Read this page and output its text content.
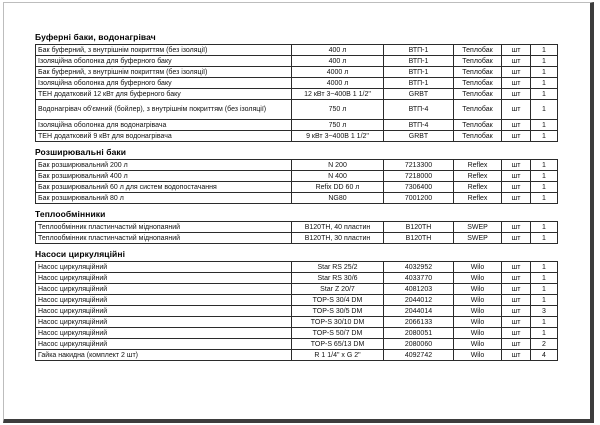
Буферні баки, водонагрівач
Бак буферний, з внутрішнім покриттям (без ізоляції)	400 л	ВТП-1	Теплобак	шт	1
Ізоляційна оболонка для буферного баку	400 л	ВТП-1	Теплобак	шт	1
Бак буферний, з внутрішнім покриттям (без ізоляції)	4000 л	ВТП-1	Теплобак	шт	1
Ізоляційна оболонка для буферного баку	4000 л	ВТП-1	Теплобак	шт	1
ТЕН додатковий 12 кВт для буферного баку	12 кВт 3~400В 1 1/2"	GRBT	Теплобак	шт	1
Водонагрівач об'ємний (бойлер), з внутрішнім покриттям (без ізоляції)	750 л	ВТП-4	Теплобак	шт	1
Ізоляційна оболонка для водонагрівача	750 л	ВТП-4	Теплобак	шт	1
ТЕН додатковий 9 кВт для водонагрівача	9 кВт 3~400В 1 1/2"	GRBT	Теплобак	шт	1
Розширювальні баки
Бак розширювальний 200 л	N 200	7213300	Reflex	шт	1
Бак розширювальний 400 л	N 400	7218000	Reflex	шт	1
Бак розширювальний 60 л для систем водопостачання	Refix DD 60 л	7306400	Reflex	шт	1
Бак розширювальний 80 л	NG80	7001200	Reflex	шт	1
Теплообмінники
Теплообмінник пластинчастий міднопаяний	B120TH, 40 пластин	B120TH	SWEP	шт	1
Теплообмінник пластинчастий міднопаяний	B120TH, 30 пластин	B120TH	SWEP	шт	1
Насоси циркуляційні
Насос циркуляційний	Star RS 25/2	4032952	Wilo	шт	1
Насос циркуляційний	Star RS 30/6	4033770	Wilo	шт	1
Насос циркуляційний	Star Z 20/7	4081203	Wilo	шт	1
Насос циркуляційний	TOP-S 30/4 DM	2044012	Wilo	шт	1
Насос циркуляційний	TOP-S 30/5 DM	2044014	Wilo	шт	3
Насос циркуляційний	TOP-S 30/10 DM	2066133	Wilo	шт	1
Насос циркуляційний	TOP-S 50/7 DM	2080051	Wilo	шт	1
Насос циркуляційний	TOP-S 65/13 DM	2080060	Wilo	шт	2
Гайка накидна (комплект 2 шт)	R 1 1/4" x G 2"	4092742	Wilo	шт	4
